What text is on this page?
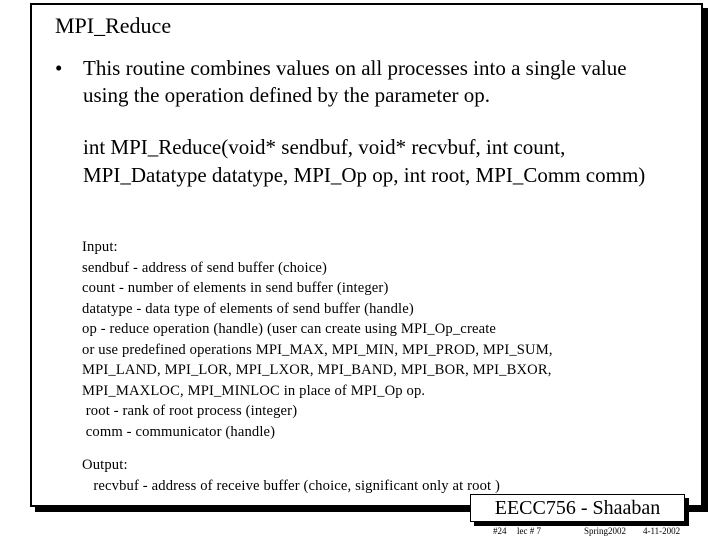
MPI_Reduce
• This routine combines values on all processes into a single value using the operation defined by the parameter op.
int MPI_Reduce(void* sendbuf, void* recvbuf, int count, MPI_Datatype datatype, MPI_Op op, int root, MPI_Comm comm)
Input:
sendbuf - address of send buffer (choice)
count - number of elements in send buffer (integer)
datatype - data type of elements of send buffer (handle)
op - reduce operation (handle) (user can create using MPI_Op_create
or use predefined operations MPI_MAX, MPI_MIN, MPI_PROD, MPI_SUM,
MPI_LAND, MPI_LOR, MPI_LXOR, MPI_BAND, MPI_BOR, MPI_BXOR,
MPI_MAXLOC, MPI_MINLOC in place of MPI_Op op.
root - rank of root process (integer)
comm - communicator (handle)
Output:
recvbuf - address of receive buffer (choice, significant only at root )
EECC756 - Shaaban
#24 lec # 7	Spring2002 4-11-2002
